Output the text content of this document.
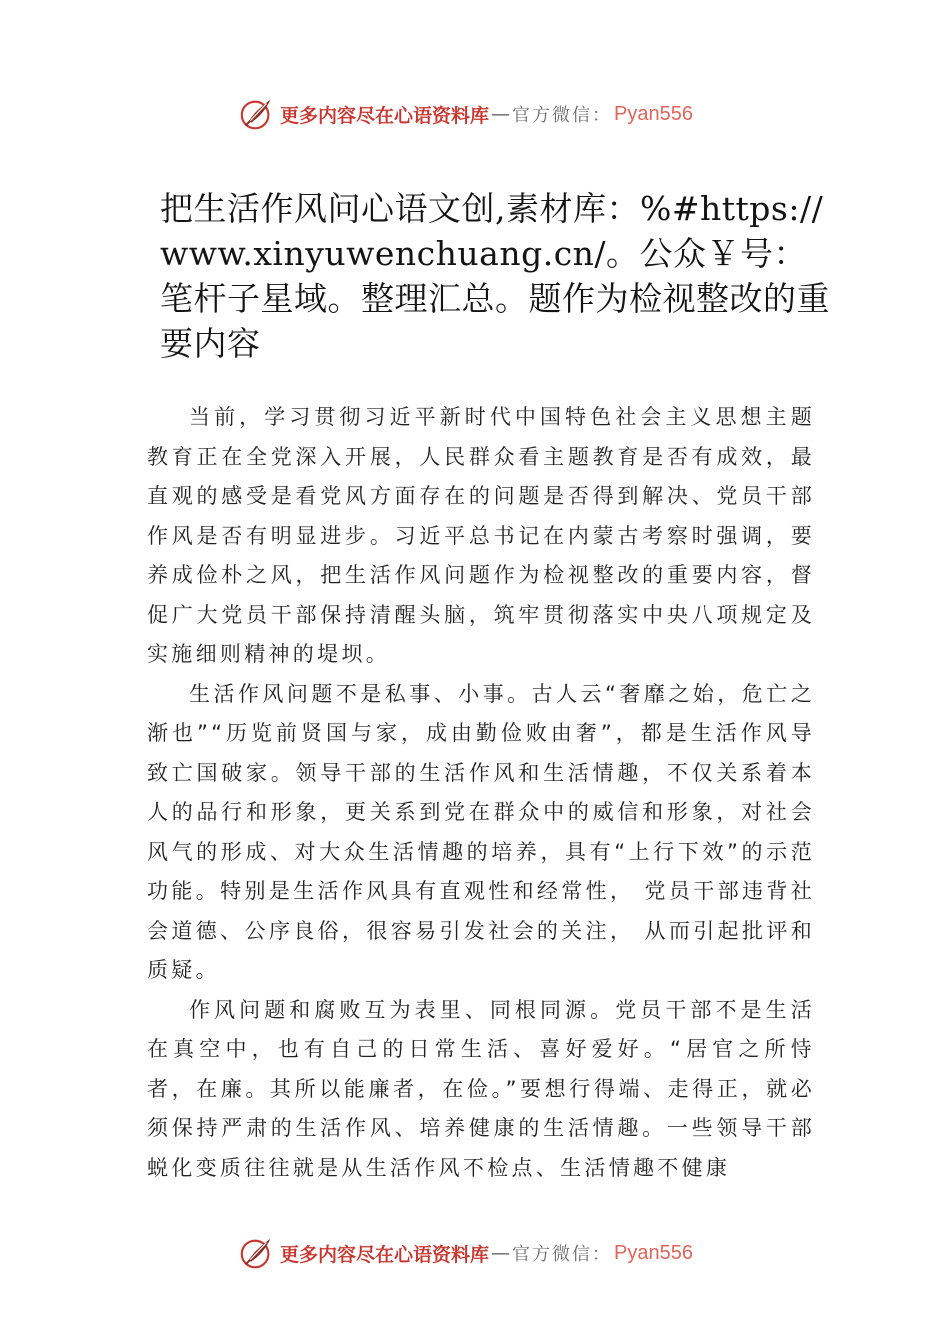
更多内容尽在心语资料库 — 官方微信： Pyan556
把生活作风问心语文创,素材库：%#https://www.xinyuwenchuang.cn/。公众￥号：笔杆子星域。整理汇总。题作为检视整改的重要内容

当前，学习贯彻习近平新时代中国特色社会主义思想主题教育正在全党深入开展，人民群众看主题教育是否有成效，最直观的感受是看党风方面存在的问题是否得到解决、党员干部作风是否有明显进步。习近平总书记在内蒙古考察时强调，要养成俭朴之风，把生活作风问题作为检视整改的重要内容，督促广大党员干部保持清醒头脑，筑牢贯彻落实中央八项规定及实施细则精神的堤坝。

生活作风问题不是私事、小事。古人云“奢靡之始，危亡之渐也”“历览前贤国与家，成由勤俭败由奢”，都是生活作风导致亡国破家。领导干部的生活作风和生活情趣，不仅关系着本人的品行和形象，更关系到党在群众中的威信和形象，对社会风气的形成、对大众生活情趣的培养，具有“上行下效”的示范功能。特别是生活作风具有直观性和经常性， 党员干部违背社会道德、公序良俗，很容易引发社会的关注， 从而引起批评和质疑。

作风问题和腐败互为表里、同根同源。党员干部不是生活在真空中，也有自己的日常生活、喜好爱好。“居官之所恃者，在廉。其所以能廉者，在俭。”要想行得端、走得正，就必须保持严肃的生活作风、培养健康的生活情趣。一些领导干部蜕化变质往往就是从生活作风不检点、生活情趣不健康

更多内容尽在心语资料库 — 官方微信： Pyan556
